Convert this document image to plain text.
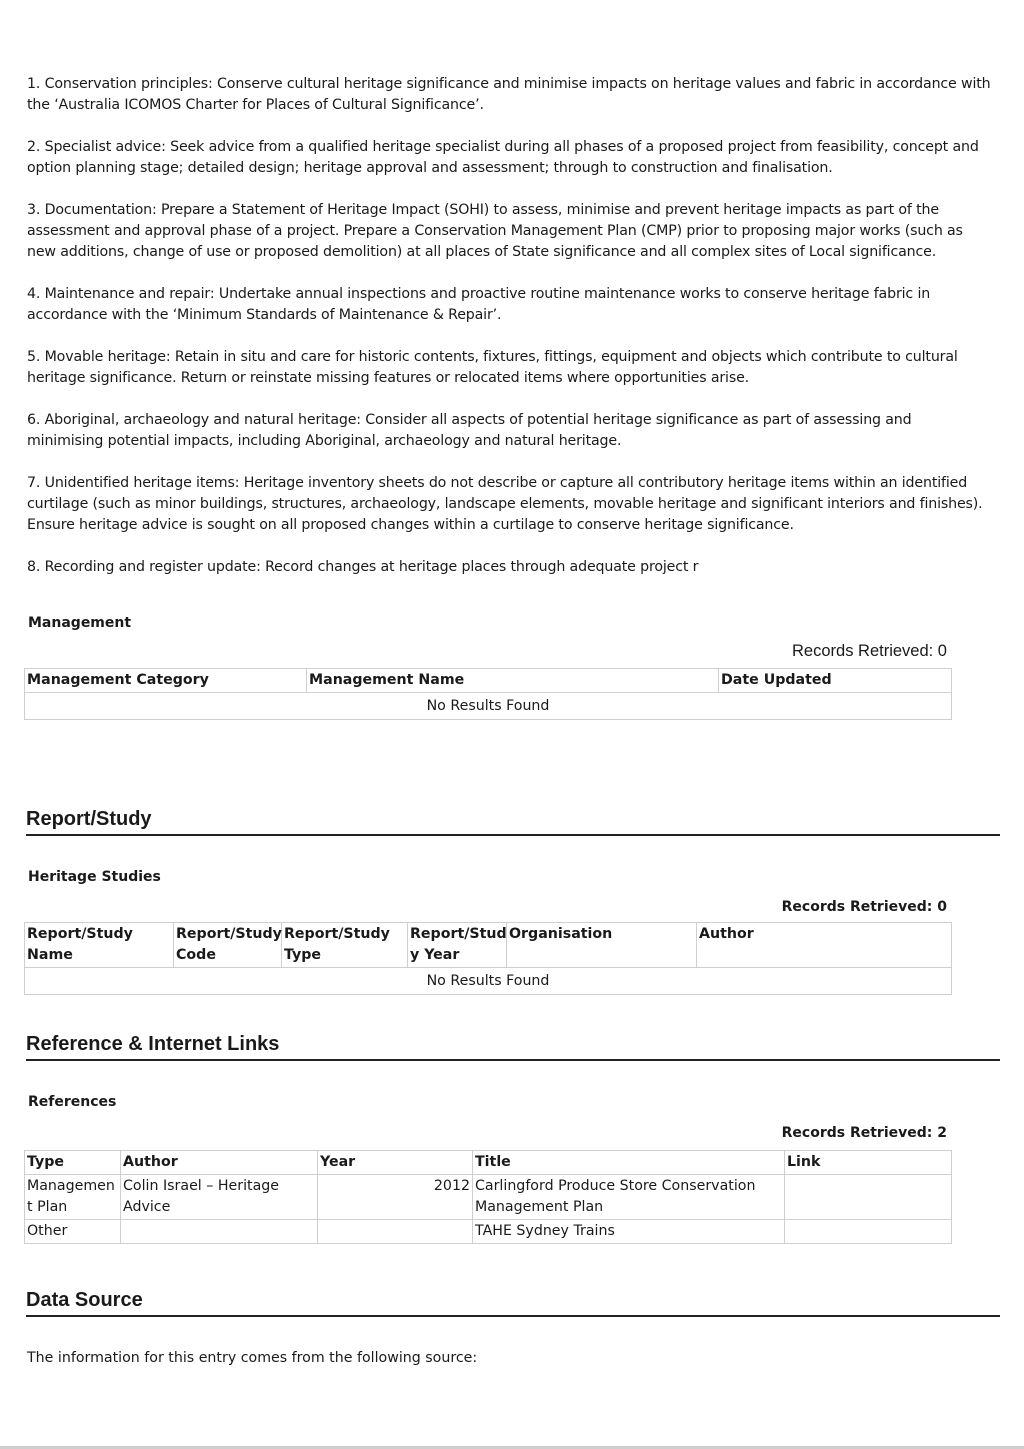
1. Conservation principles: Conserve cultural heritage significance and minimise impacts on heritage values and fabric in accordance with the ‘Australia ICOMOS Charter for Places of Cultural Significance’.

2. Specialist advice: Seek advice from a qualified heritage specialist during all phases of a proposed project from feasibility, concept and option planning stage; detailed design; heritage approval and assessment; through to construction and finalisation.

3. Documentation: Prepare a Statement of Heritage Impact (SOHI) to assess, minimise and prevent heritage impacts as part of the assessment and approval phase of a project. Prepare a Conservation Management Plan (CMP) prior to proposing major works (such as new additions, change of use or proposed demolition) at all places of State significance and all complex sites of Local significance.

4. Maintenance and repair: Undertake annual inspections and proactive routine maintenance works to conserve heritage fabric in accordance with the ‘Minimum Standards of Maintenance & Repair’.

5. Movable heritage: Retain in situ and care for historic contents, fixtures, fittings, equipment and objects which contribute to cultural heritage significance. Return or reinstate missing features or relocated items where opportunities arise.

6. Aboriginal, archaeology and natural heritage: Consider all aspects of potential heritage significance as part of assessing and minimising potential impacts, including Aboriginal, archaeology and natural heritage.

7. Unidentified heritage items: Heritage inventory sheets do not describe or capture all contributory heritage items within an identified curtilage (such as minor buildings, structures, archaeology, landscape elements, movable heritage and significant interiors and finishes). Ensure heritage advice is sought on all proposed changes within a curtilage to conserve heritage significance.

8. Recording and register update: Record changes at heritage places through adequate project r

Management
Records Retrieved: 0
Management Category	Management Name	Date Updated
No Results Found
Report/Study
Heritage Studies
Records Retrieved: 0
Report/Study Name	Report/Study Code	Report/Study Type	Report/Stud y Year	Organisation	Author
No Results Found
Reference & Internet Links
References
Records Retrieved: 2
Type	Author	Year	Title	Link
Managemen t Plan	Colin Israel – Heritage Advice	2012	Carlingford Produce Store Conservation Management Plan	
Other			TAHE Sydney Trains	
Data Source
The information for this entry comes from the following source:
